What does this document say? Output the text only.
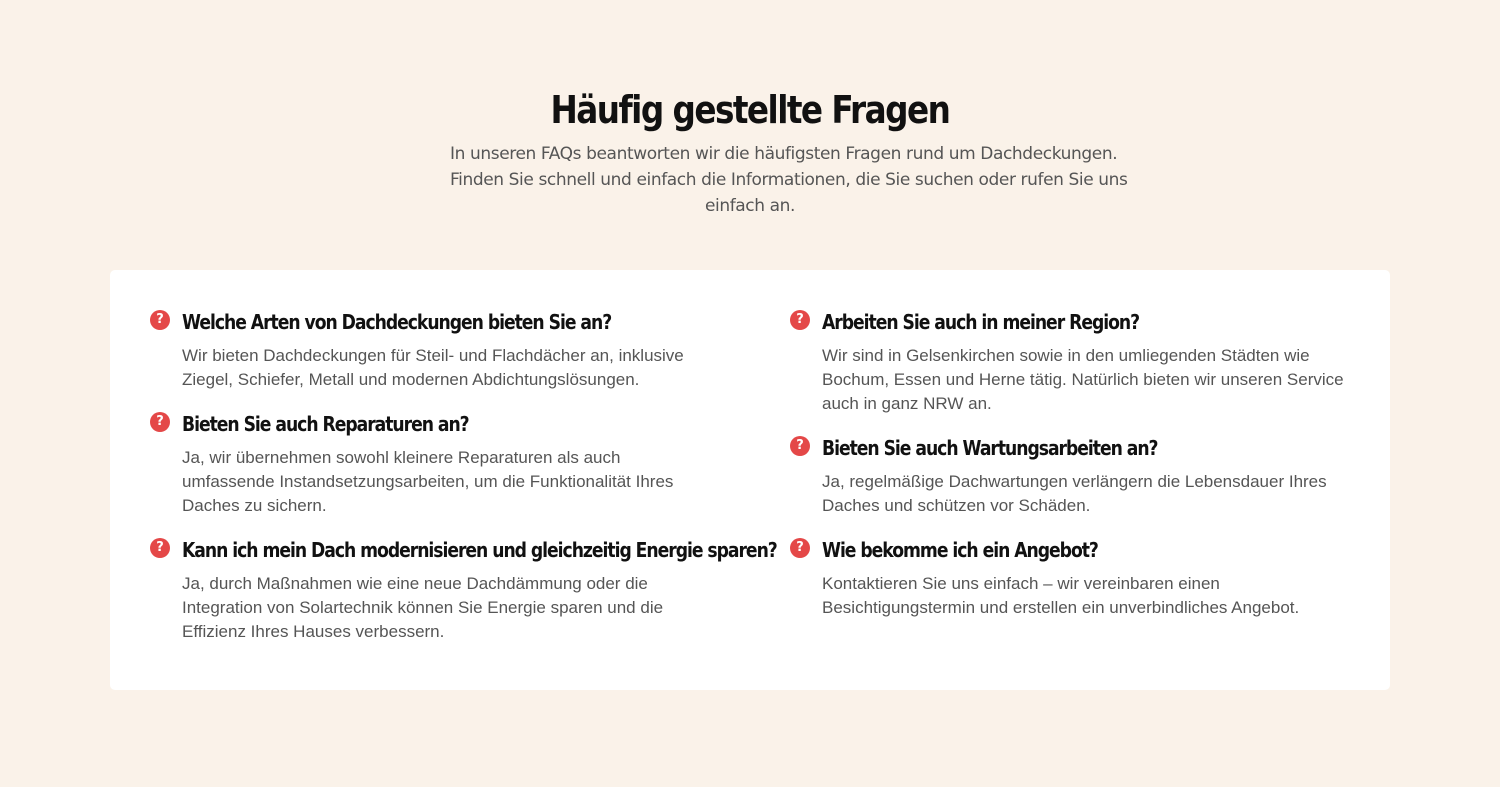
Häufig gestellte Fragen
In unseren FAQs beantworten wir die häufigsten Fragen rund um Dachdeckungen.
Finden Sie schnell und einfach die Informationen, die Sie suchen oder rufen Sie uns
einfach an.
? Welche Arten von Dachdeckungen bieten Sie an?

Wir bieten Dachdeckungen für Steil- und Flachdächer an, inklusive Ziegel, Schiefer, Metall und modernen Abdichtungslösungen.

? Bieten Sie auch Reparaturen an?

Ja, wir übernehmen sowohl kleinere Reparaturen als auch umfassende Instandsetzungsarbeiten, um die Funktionalität Ihres Daches zu sichern.

? Kann ich mein Dach modernisieren und gleichzeitig Energie sparen?

Ja, durch Maßnahmen wie eine neue Dachdämmung oder die Integration von Solartechnik können Sie Energie sparen und die Effizienz Ihres Hauses verbessern.

? Arbeiten Sie auch in meiner Region?

Wir sind in Gelsenkirchen sowie in den umliegenden Städten wie Bochum, Essen und Herne tätig. Natürlich bieten wir unseren Service auch in ganz NRW an.

? Bieten Sie auch Wartungsarbeiten an?

Ja, regelmäßige Dachwartungen verlängern die Lebensdauer Ihres Daches und schützen vor Schäden.

? Wie bekomme ich ein Angebot?

Kontaktieren Sie uns einfach – wir vereinbaren einen Besichtigungstermin und erstellen ein unverbindliches Angebot.
